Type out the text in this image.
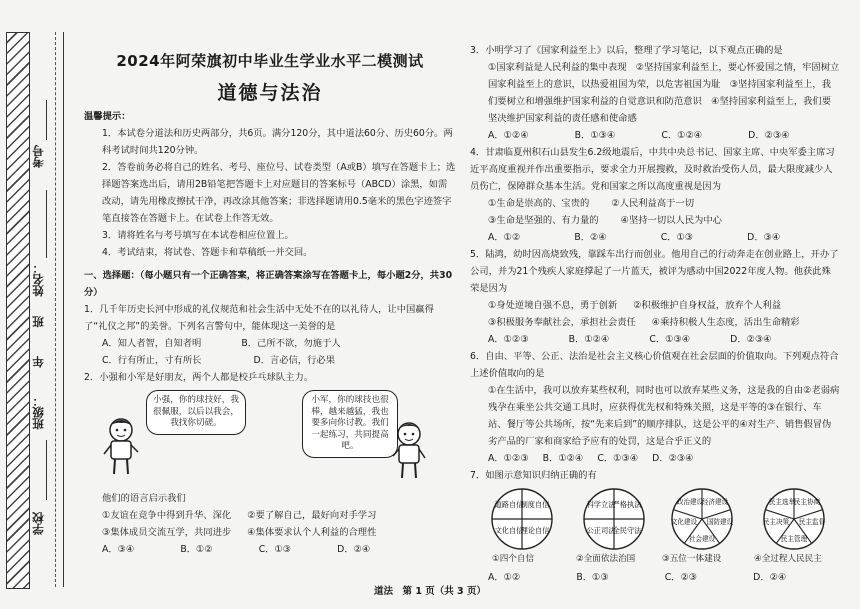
考号
姓名：
班
年
班级：
学校
2024年阿荣旗初中毕业生学业水平二模测试
道德与法治

温馨提示：

1．本试卷分道法和历史两部分，共6页。满分120分，其中道法60分、历史60分。两科考试时间共120分钟。

2．答卷前务必将自己的姓名、考号、座位号、试卷类型（A或B）填写在答题卡上；选择题答案选出后，请用2B铅笔把答题卡上对应题目的答案标号（ABCD）涂黑，如需改动，请先用橡皮擦拭干净，再改涂其他答案；非选择题请用0.5毫米的黑色字迹签字笔直接答在答题卡上。在试卷上作答无效。

3．请将姓名与考号填写在本试卷相应位置上。

4．考试结束，将试卷、答题卡和草稿纸一并交回。

一、选择题：（每小题只有一个正确答案，将正确答案涂写在答题卡上，每小题2分，共30分）

1．几千年历史长河中形成的礼仪规范和社会生活中无处不在的以礼待人，让中国赢得了“礼仪之邦”的美誉。下列名言警句中，能体现这一美誉的是

A．知人者智，自知者明	B．己所不欲，勿施于人
C．行有所止，寸有所长	D．言必信，行必果

2．小强和小军是好朋友，两个人都是校乒乓球队主力。

小强，你的球技好，我很佩服，以后以我会，我找你切磋。
小军，你的球技也很棒，越来越猛，我也要多向你讨教。我们一起练习，共同提高吧。

他们的语言启示我们

①友谊在竞争中得到升华、深化 ②要了解自己，最好向对手学习
③集体成员交流互学，共同进步 ④集体要求认个人利益的合理性
A．③④	B．①②	C．①③	D．②④

3．小明学习了《国家利益至上》以后，整理了学习笔记，以下观点正确的是

①国家利益是人民利益的集中表现　②坚持国家利益至上，要心怀爱国之情，牢固树立国家利益至上的意识，以热爱祖国为荣，以危害祖国为耻　③坚持国家利益至上，我们要树立和增强维护国家利益的自觉意识和防范意识　④坚持国家利益至上，我们要坚决维护国家利益的责任感和使命感

A．①②④	B．①③④	C．①②④	D．②③④

4．甘肃临夏州积石山县发生6.2级地震后，中共中央总书记、国家主席、中央军委主席习近平高度重视并作出重要指示，要求全力开展搜救，及时救治受伤人员，最大限度减少人员伤亡，保障群众基本生活。党和国家之所以高度重视是因为

①生命是崇高的、宝贵的 ②人民利益高于一切
③生命是坚强的、有力量的 ④坚持一切以人民为中心
A．①②	B．②④	C．①③	D．③④

5．陆鸿，幼时因高烧致残，靠踩车出行而创业。他用自己的行动奔走在创业路上，开办了公司，并为21个残疾人家庭撑起了一片蓝天，被评为感动中国2022年度人物。他获此殊荣是因为

①身处逆境自强不息，勇于创新 ②积极维护自身权益，放弃个人利益
③积极服务奉献社会，承担社会责任 ④乘持积极人生态度，活出生命精彩
A．①②③	B．①②④	C．①③④	D．②③④

6．自由、平等、公正、法治是社会主义核心价值观在社会层面的价值取向。下列观点符合上述价值取向的是

①在生活中，我可以放弃某些权利，同时也可以放弃某些义务，这是我的自由②老弱病残孕在乘坐公共交通工具时，应获得优先权和特殊关照，这是平等的③在银行、车站、餐厅等公共场所，按“先来后到”的顺序排队，这是公平的④对生产、销售假冒伪劣产品的厂家和商家给予应有的处罚，这是合乎正义的

A．①②③ B．①②④ C．①③④ D．②③④

7．如图示意知识归纳正确的有

道路自信
制度自信
文化自信
理论自信
①四个自信
科学立法
严格执法
公正司法
全民守法
②全面依法治国
政治建设
经济建设
文化建设
社会建设
国防建设
③五位一体建设
民主选举
民主协商
民主决策
民主管理
民主监督
④全过程人民民主
A．①②	B．①③	C．②③	D．②④
道法　第 1 页（共 3 页）
